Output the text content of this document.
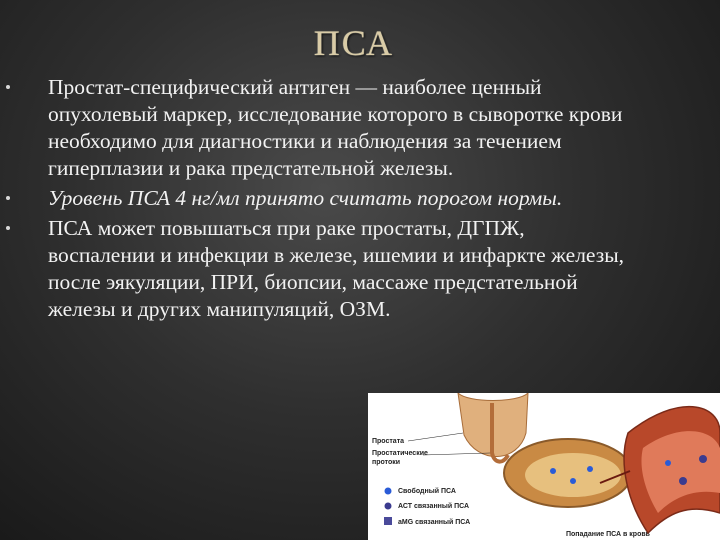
ПСА
Простат-специфический антиген — наиболее ценный опухолевый маркер, исследование которого в сыворотке крови необходимо для диагностики и наблюдения за течением гиперплазии и рака предстательной железы.
Уровень ПСА 4 нг/мл принято считать порогом нормы.
ПСА может повышаться при раке простаты, ДГПЖ, воспалении и инфекции в железе, ишемии и инфаркте железы, после эякуляции, ПРИ, биопсии, массаже предстательной железы и других манипуляций, ОЗМ.
Простата
Простатические
протоки
Свободный ПСА
АСТ связанный ПСА
aMG связанный ПСА
Попадание ПСА в кровь
